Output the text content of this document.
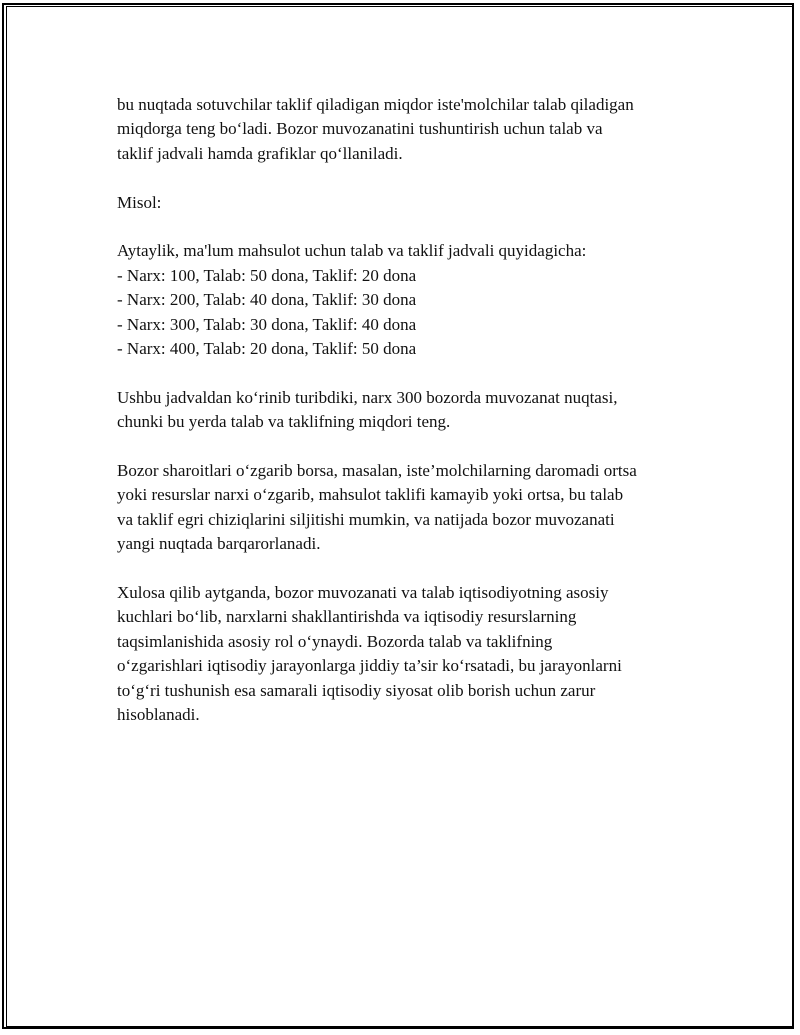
bu nuqtada sotuvchilar taklif qiladigan miqdor iste'molchilar talab qiladigan
miqdorga teng bo‘ladi. Bozor muvozanatini tushuntirish uchun talab va
taklif jadvali hamda grafiklar qo‘llaniladi.

Misol:

Aytaylik, ma'lum mahsulot uchun talab va taklif jadvali quyidagicha:
- Narx: 100, Talab: 50 dona, Taklif: 20 dona
- Narx: 200, Talab: 40 dona, Taklif: 30 dona
- Narx: 300, Talab: 30 dona, Taklif: 40 dona
- Narx: 400, Talab: 20 dona, Taklif: 50 dona

Ushbu jadvaldan ko‘rinib turibdiki, narx 300 bozorda muvozanat nuqtasi,
chunki bu yerda talab va taklifning miqdori teng.

Bozor sharoitlari o‘zgarib borsa, masalan, iste’molchilarning daromadi ortsa
yoki resurslar narxi o‘zgarib, mahsulot taklifi kamayib yoki ortsa, bu talab
va taklif egri chiziqlarini siljitishi mumkin, va natijada bozor muvozanati
yangi nuqtada barqarorlanadi.

Xulosa qilib aytganda, bozor muvozanati va talab iqtisodiyotning asosiy
kuchlari bo‘lib, narxlarni shakllantirishda va iqtisodiy resurslarning
taqsimlanishida asosiy rol o‘ynaydi. Bozorda talab va taklifning
o‘zgarishlari iqtisodiy jarayonlarga jiddiy ta’sir ko‘rsatadi, bu jarayonlarni
to‘g‘ri tushunish esa samarali iqtisodiy siyosat olib borish uchun zarur
hisoblanadi.
